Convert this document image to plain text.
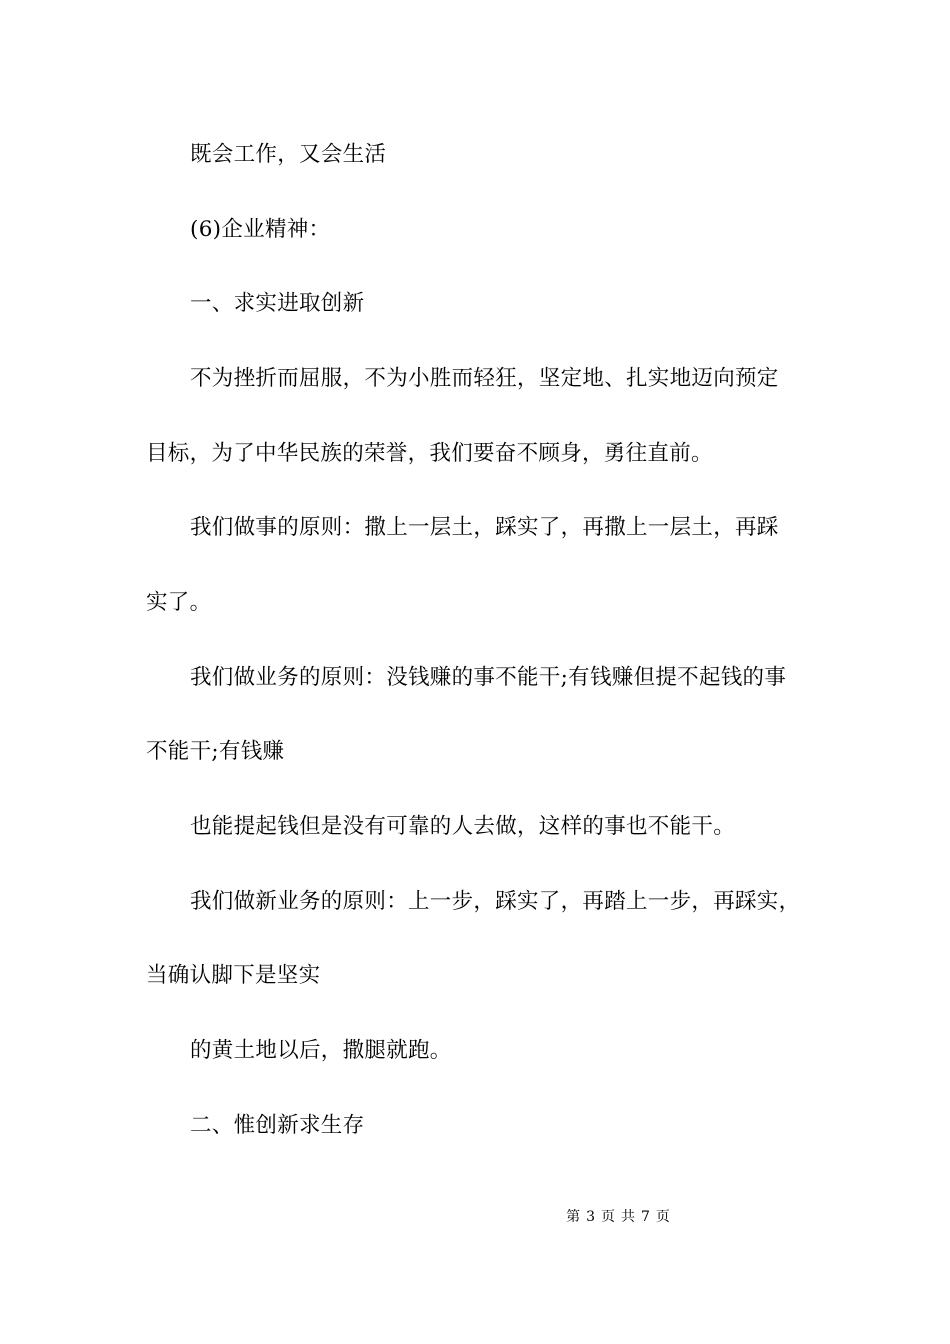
既会工作，又会生活
(6)企业精神：
一、求实进取创新
不为挫折而屈服，不为小胜而轻狂，坚定地、扎实地迈向预定
目标，为了中华民族的荣誉，我们要奋不顾身，勇往直前。
我们做事的原则：撒上一层土，踩实了，再撒上一层土，再踩
实了。
我们做业务的原则：没钱赚的事不能干;有钱赚但提不起钱的事
不能干;有钱赚
也能提起钱但是没有可靠的人去做，这样的事也不能干。
我们做新业务的原则：上一步，踩实了，再踏上一步，再踩实，
当确认脚下是坚实
的黄土地以后，撒腿就跑。
二、惟创新求生存
第 3 页 共 7 页
